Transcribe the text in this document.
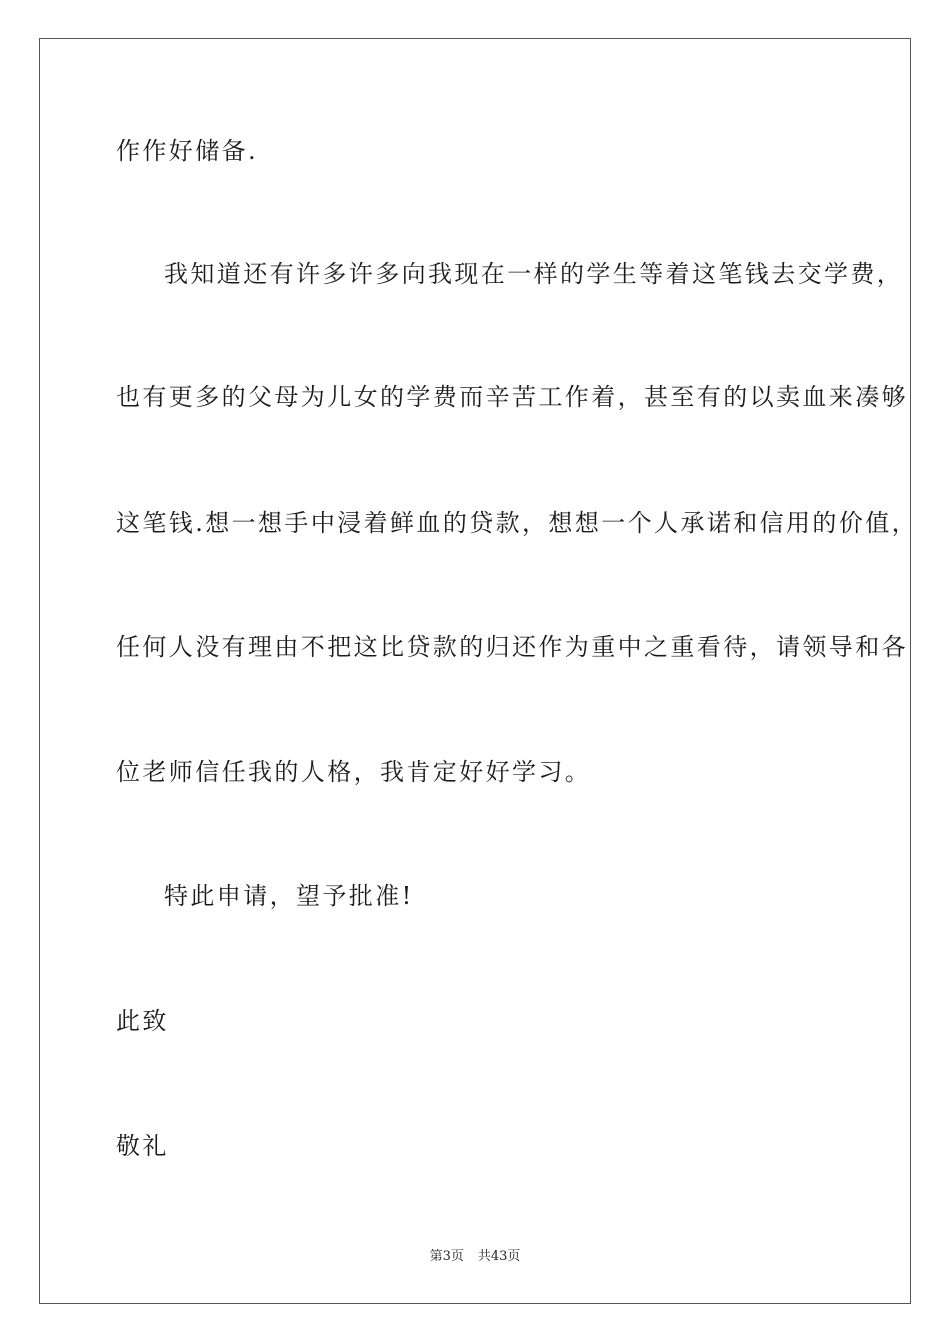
作作好储备.
我知道还有许多许多向我现在一样的学生等着这笔钱去交学费，
也有更多的父母为儿女的学费而辛苦工作着，甚至有的以卖血来凑够
这笔钱.想一想手中浸着鲜血的贷款，想想一个人承诺和信用的价值，
任何人没有理由不把这比贷款的归还作为重中之重看待，请领导和各
位老师信任我的人格，我肯定好好学习。
特此申请，望予批准!
此致
敬礼
第3页 共43页
